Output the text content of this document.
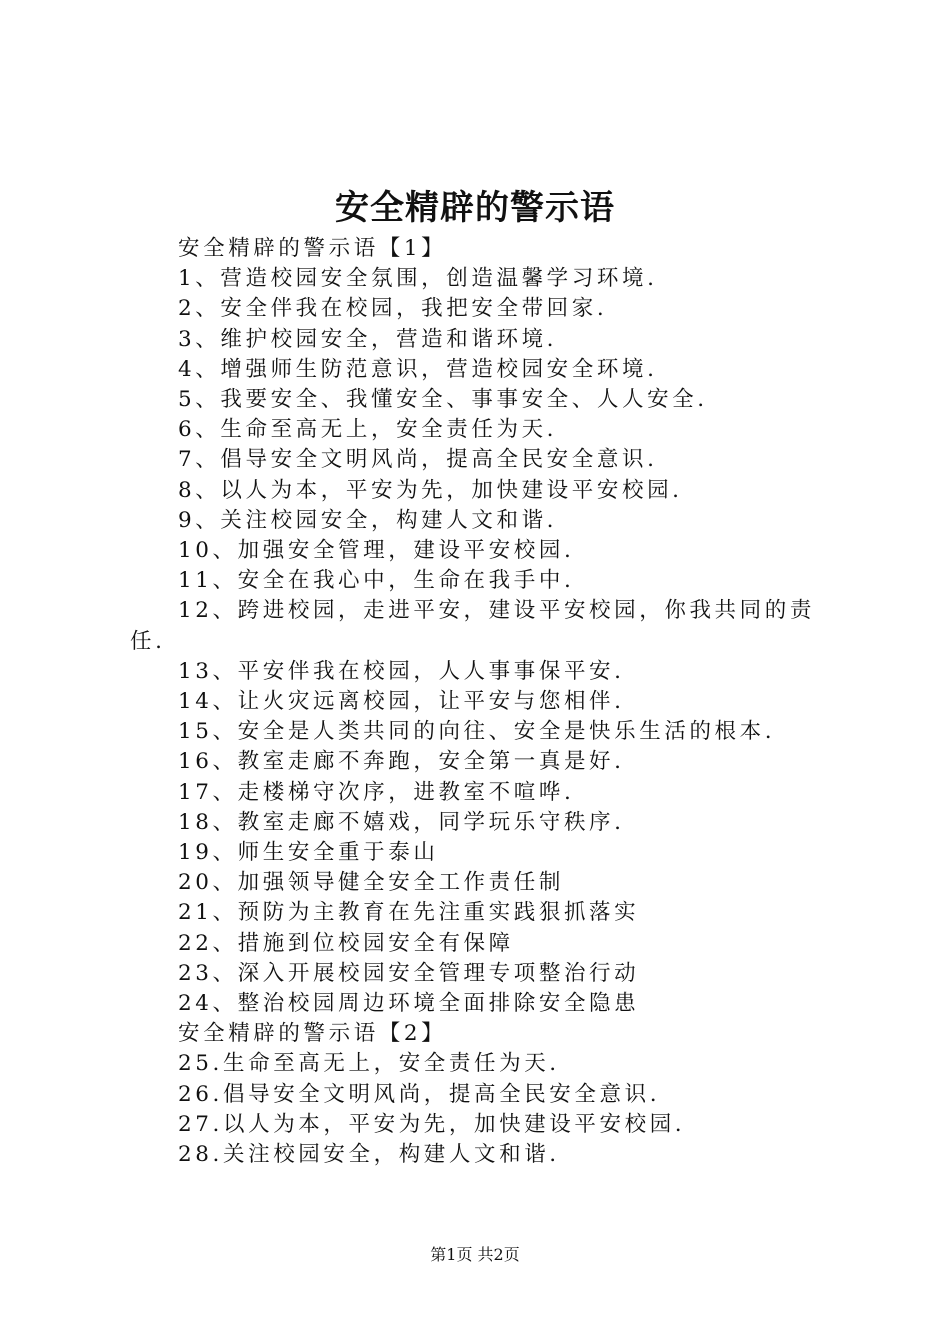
安全精辟的警示语
安全精辟的警示语【1】
1、营造校园安全氛围，创造温馨学习环境.
2、安全伴我在校园，我把安全带回家.
3、维护校园安全，营造和谐环境.
4、增强师生防范意识，营造校园安全环境.
5、我要安全、我懂安全、事事安全、人人安全.
6、生命至高无上，安全责任为天.
7、倡导安全文明风尚，提高全民安全意识.
8、以人为本，平安为先，加快建设平安校园.
9、关注校园安全，构建人文和谐.
10、加强安全管理，建设平安校园.
11、安全在我心中，生命在我手中.
12、跨进校园，走进平安，建设平安校园，你我共同的责任.
13、平安伴我在校园，人人事事保平安.
14、让火灾远离校园，让平安与您相伴.
15、安全是人类共同的向往、安全是快乐生活的根本.
16、教室走廊不奔跑，安全第一真是好.
17、走楼梯守次序，进教室不喧哗.
18、教室走廊不嬉戏，同学玩乐守秩序.
19、师生安全重于泰山
20、加强领导健全安全工作责任制
21、预防为主教育在先注重实践狠抓落实
22、措施到位校园安全有保障
23、深入开展校园安全管理专项整治行动
24、整治校园周边环境全面排除安全隐患
安全精辟的警示语【2】
25.生命至高无上，安全责任为天.
26.倡导安全文明风尚，提高全民安全意识.
27.以人为本，平安为先，加快建设平安校园.
28.关注校园安全，构建人文和谐.
第1页 共2页
